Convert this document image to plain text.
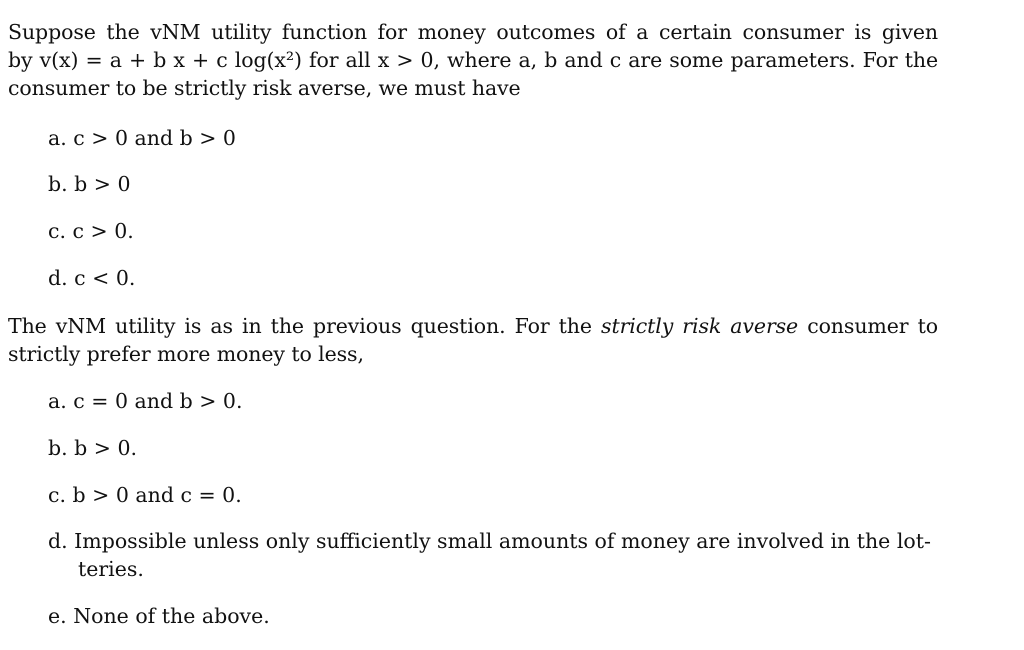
Suppose the vNM utility function for money outcomes of a certain consumer is given
by v(x) = a + b x + c log(x²) for all x > 0, where a, b and c are some parameters. For the
consumer to be strictly risk averse, we must have

a. c > 0 and b > 0
b. b > 0
c. c > 0.
d. c < 0.

The vNM utility is as in the previous question. For the strictly risk averse consumer to
strictly prefer more money to less,

a. c = 0 and b > 0.
b. b > 0.
c. b > 0 and c = 0.
d. Impossible unless only sufficiently small amounts of money are involved in the lot-
teries.
e. None of the above.
